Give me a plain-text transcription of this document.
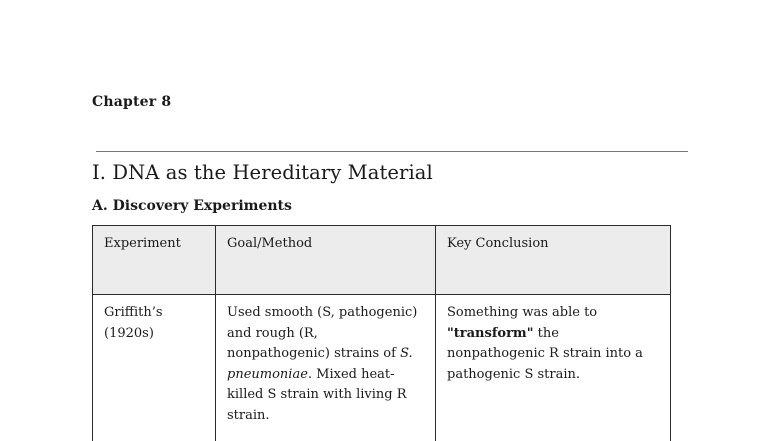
Chapter 8
I. DNA as the Hereditary Material
A. Discovery Experiments
Experiment	Goal/Method	Key Conclusion
Griffith’s (1920s)	Used smooth (S, pathogenic) and rough (R, nonpathogenic) strains of S. pneumoniae. Mixed heat-killed S strain with living R strain.	Something was able to "transform" the nonpathogenic R strain into a pathogenic S strain.
